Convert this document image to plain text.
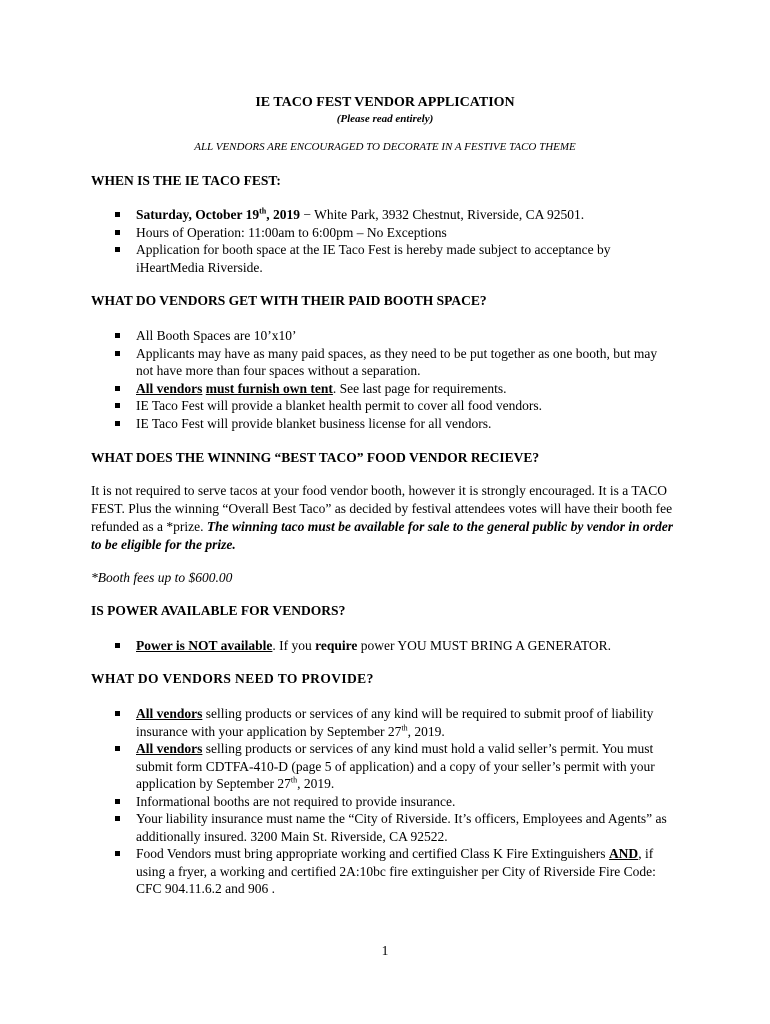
IE TACO FEST VENDOR APPLICATION
(Please read entirely)
ALL VENDORS ARE ENCOURAGED TO DECORATE IN A FESTIVE TACO THEME
WHEN IS THE IE TACO FEST:
Saturday, October 19th, 2019 − White Park, 3932 Chestnut, Riverside, CA 92501.
Hours of Operation: 11:00am to 6:00pm – No Exceptions
Application for booth space at the IE Taco Fest is hereby made subject to acceptance by iHeartMedia Riverside.
WHAT DO VENDORS GET WITH THEIR PAID BOOTH SPACE?
All Booth Spaces are 10’x10’
Applicants may have as many paid spaces, as they need to be put together as one booth, but may not have more than four spaces without a separation.
All vendors must furnish own tent. See last page for requirements.
IE Taco Fest will provide a blanket health permit to cover all food vendors.
IE Taco Fest will provide blanket business license for all vendors.
WHAT DOES THE WINNING “BEST TACO” FOOD VENDOR RECIEVE?
It is not required to serve tacos at your food vendor booth, however it is strongly encouraged. It is a TACO FEST. Plus the winning “Overall Best Taco” as decided by festival attendees votes will have their booth fee refunded as a *prize. The winning taco must be available for sale to the general public by vendor in order to be eligible for the prize.
*Booth fees up to $600.00
IS POWER AVAILABLE FOR VENDORS?
Power is NOT available. If you require power YOU MUST BRING A GENERATOR.
WHAT DO VENDORS NEED TO PROVIDE?
All vendors selling products or services of any kind will be required to submit proof of liability insurance with your application by September 27th, 2019.
All vendors selling products or services of any kind must hold a valid seller’s permit. You must submit form CDTFA-410-D (page 5 of application) and a copy of your seller’s permit with your application by September 27th, 2019.
Informational booths are not required to provide insurance.
Your liability insurance must name the “City of Riverside. It’s officers, Employees and Agents” as additionally insured. 3200 Main St. Riverside, CA 92522.
Food Vendors must bring appropriate working and certified Class K Fire Extinguishers AND, if using a fryer, a working and certified 2A:10bc fire extinguisher per City of Riverside Fire Code: CFC 904.11.6.2 and 906 .
1
